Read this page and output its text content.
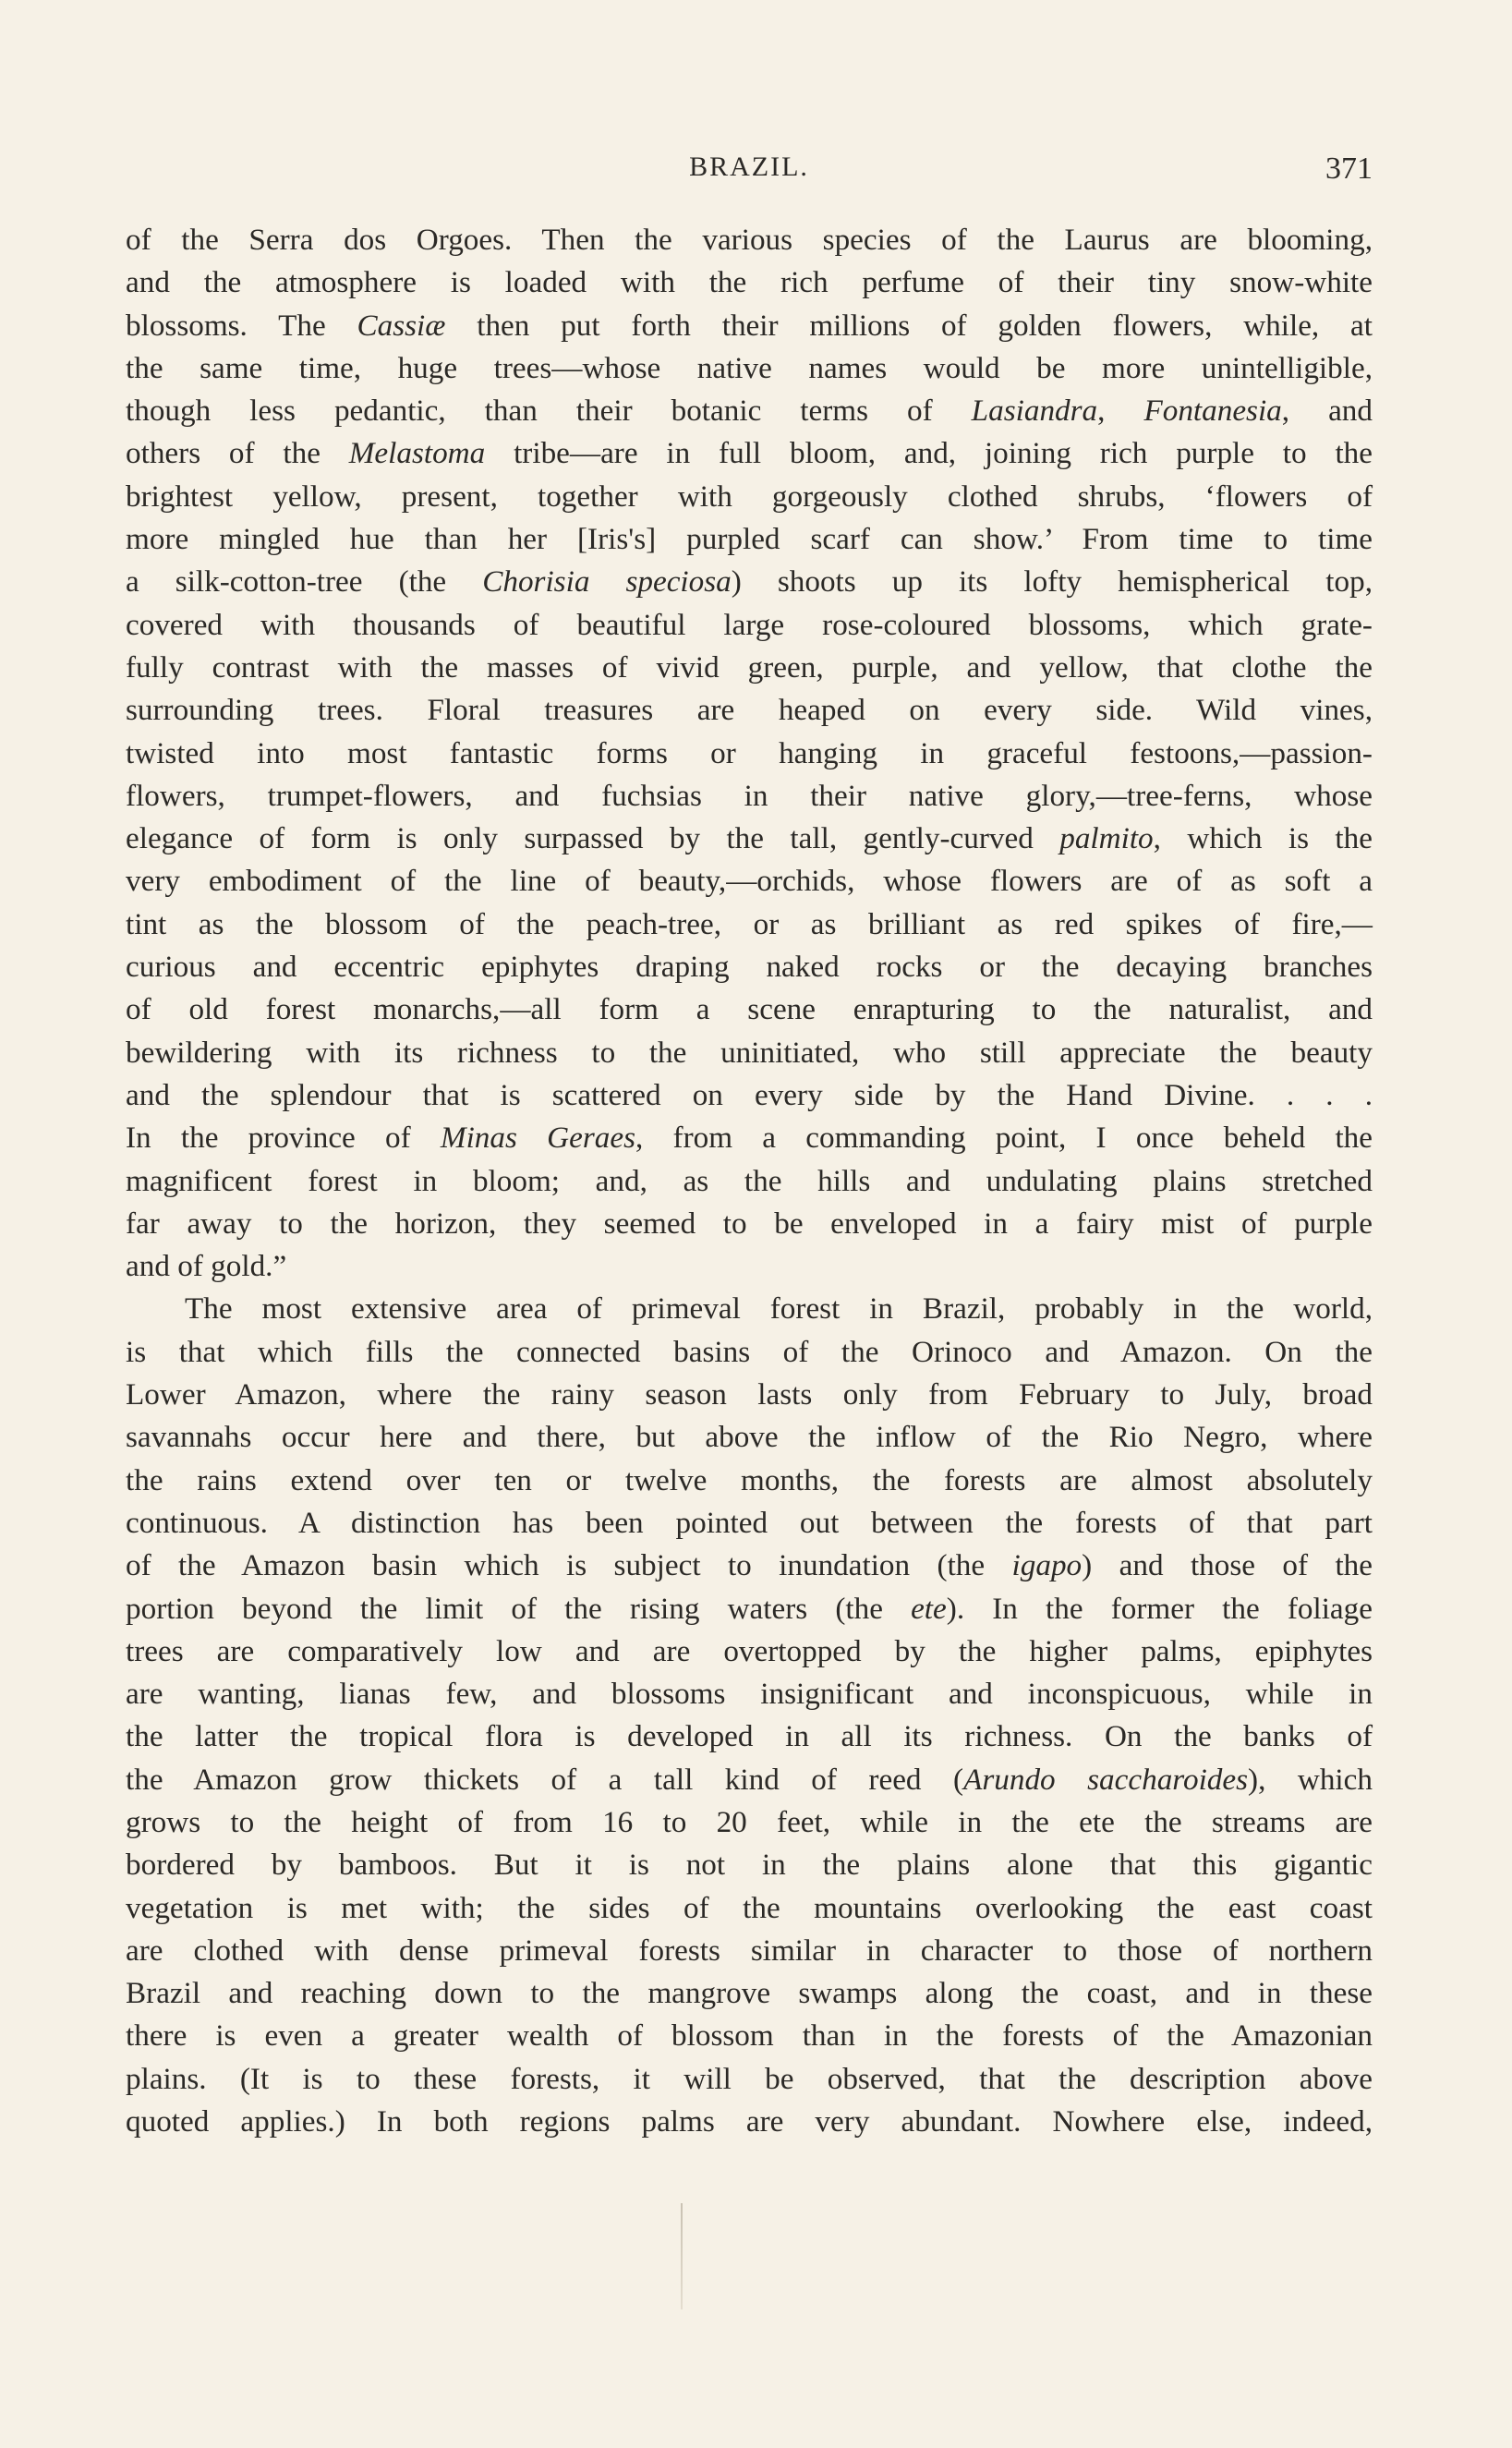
BRAZIL.	371
of the Serra dos Orgoes. Then the various species of the Laurus are blooming,
and the atmosphere is loaded with the rich perfume of their tiny snow-white
blossoms. The Cassiæ then put forth their millions of golden flowers, while, at
the same time, huge trees—whose native names would be more unintelligible,
though less pedantic, than their botanic terms of Lasiandra, Fontanesia, and
others of the Melastoma tribe—are in full bloom, and, joining rich purple to the
brightest yellow, present, together with gorgeously clothed shrubs, ‘flowers of
more mingled hue than her [Iris's] purpled scarf can show.’ From time to time
a silk-cotton-tree (the Chorisia speciosa) shoots up its lofty hemispherical top,
covered with thousands of beautiful large rose-coloured blossoms, which grate-
fully contrast with the masses of vivid green, purple, and yellow, that clothe the
surrounding trees. Floral treasures are heaped on every side. Wild vines,
twisted into most fantastic forms or hanging in graceful festoons,—passion-
flowers, trumpet-flowers, and fuchsias in their native glory,—tree-ferns, whose
elegance of form is only surpassed by the tall, gently-curved palmito, which is the
very embodiment of the line of beauty,—orchids, whose flowers are of as soft a
tint as the blossom of the peach-tree, or as brilliant as red spikes of fire,—
curious and eccentric epiphytes draping naked rocks or the decaying branches
of old forest monarchs,—all form a scene enrapturing to the naturalist, and
bewildering with its richness to the uninitiated, who still appreciate the beauty
and the splendour that is scattered on every side by the Hand Divine. . . .
In the province of Minas Geraes, from a commanding point, I once beheld the
magnificent forest in bloom; and, as the hills and undulating plains stretched
far away to the horizon, they seemed to be enveloped in a fairy mist of purple
and of gold.”
The most extensive area of primeval forest in Brazil, probably in the world,
is that which fills the connected basins of the Orinoco and Amazon. On the
Lower Amazon, where the rainy season lasts only from February to July, broad
savannahs occur here and there, but above the inflow of the Rio Negro, where
the rains extend over ten or twelve months, the forests are almost absolutely
continuous. A distinction has been pointed out between the forests of that part
of the Amazon basin which is subject to inundation (the igapo) and those of the
portion beyond the limit of the rising waters (the ete). In the former the foliage
trees are comparatively low and are overtopped by the higher palms, epiphytes
are wanting, lianas few, and blossoms insignificant and inconspicuous, while in
the latter the tropical flora is developed in all its richness. On the banks of
the Amazon grow thickets of a tall kind of reed (Arundo saccharoides), which
grows to the height of from 16 to 20 feet, while in the ete the streams are
bordered by bamboos. But it is not in the plains alone that this gigantic
vegetation is met with; the sides of the mountains overlooking the east coast
are clothed with dense primeval forests similar in character to those of northern
Brazil and reaching down to the mangrove swamps along the coast, and in these
there is even a greater wealth of blossom than in the forests of the Amazonian
plains. (It is to these forests, it will be observed, that the description above
quoted applies.) In both regions palms are very abundant. Nowhere else, indeed,
